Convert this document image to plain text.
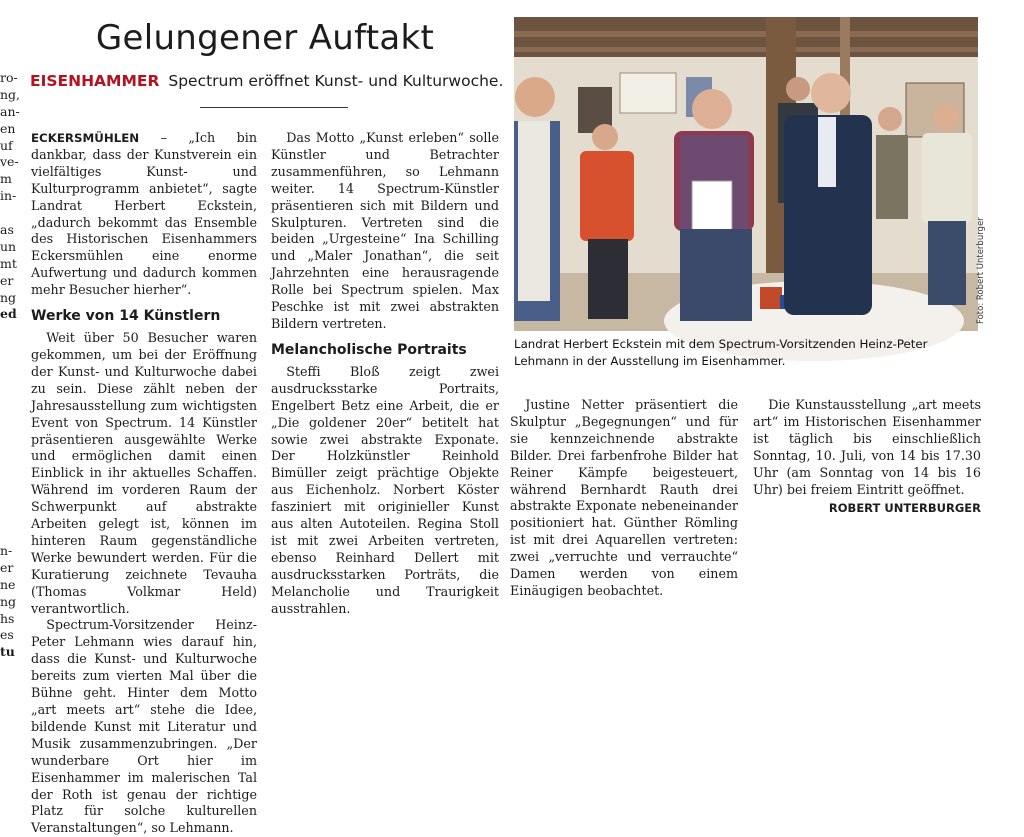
ro-
ng,
an-
en
uf
ve-
m
in-
as
un
mt
er
ng
ed
n-
er
ne
ng
hs
es
tu
Gelungener Auftakt
EISENHAMMER Spectrum eröffnet Kunst- und Kulturwoche.

ECKERSMÜHLEN – „Ich bin dankbar, dass der Kunstverein ein vielfältiges Kunst- und Kulturprogramm anbietet“, sagte Landrat Herbert Eckstein, „dadurch bekommt das Ensemble des Historischen Eisenhammers Eckersmühlen eine enorme Aufwertung und dadurch kommen mehr Besucher hierher“.

Werke von 14 Künstlern

Weit über 50 Besucher waren gekommen, um bei der Eröffnung der Kunst- und Kulturwoche dabei zu sein. Diese zählt neben der Jahresausstellung zum wichtigsten Event von Spectrum. 14 Künstler präsentieren ausgewählte Werke und ermöglichen damit einen Einblick in ihr aktuelles Schaffen. Während im vorderen Raum der Schwerpunkt auf abstrakte Arbeiten gelegt ist, können im hinteren Raum gegenständliche Werke bewundert werden. Für die Kuratierung zeichnete Tevauha (Thomas Volkmar Held) verantwortlich.

Spectrum-Vorsitzender Heinz-Peter Lehmann wies darauf hin, dass die Kunst- und Kulturwoche bereits zum vierten Mal über die Bühne geht. Hinter dem Motto „art meets art“ stehe die Idee, bildende Kunst mit Literatur und Musik zusammenzubringen. „Der wunderbare Ort hier im Eisenhammer im malerischen Tal der Roth ist genau der richtige Platz für solche kulturellen Veranstaltungen“, so Lehmann.

Das Motto „Kunst erleben“ solle Künstler und Betrachter zusammenführen, so Lehmann weiter. 14 Spectrum-Künstler präsentieren sich mit Bildern und Skulpturen. Vertreten sind die beiden „Urgesteine“ Ina Schilling und „Maler Jonathan“, die seit Jahrzehnten eine herausragende Rolle bei Spectrum spielen. Max Peschke ist mit zwei abstrakten Bildern vertreten.

Melancholische Portraits

Steffi Bloß zeigt zwei ausdrucksstarke Portraits, Engelbert Betz eine Arbeit, die er „Die goldener 20er“ betitelt hat sowie zwei abstrakte Exponate. Der Holzkünstler Reinhold Bimüller zeigt prächtige Objekte aus Eichenholz. Norbert Köster fasziniert mit originieller Kunst aus alten Autoteilen. Regina Stoll ist mit zwei Arbeiten vertreten, ebenso Reinhard Dellert mit ausdrucksstarken Porträts, die Melancholie und Traurigkeit ausstrahlen.

Justine Netter präsentiert die Skulptur „Begegnungen“ und für sie kennzeichnende abstrakte Bilder. Drei farbenfrohe Bilder hat Reiner Kämpfe beigesteuert, während Bernhardt Rauth drei abstrakte Exponate nebeneinander positioniert hat. Günther Römling ist mit drei Aquarellen vertreten: zwei „verruchte und verrauchte“ Damen werden von einem Einäugigen beobachtet.

Die Kunstausstellung „art meets art“ im Historischen Eisenhammer ist täglich bis einschließlich Sonntag, 10. Juli, von 14 bis 17.30 Uhr (am Sonntag von 14 bis 16 Uhr) bei freiem Eintritt geöffnet.

ROBERT UNTERBURGER
Foto: Robert Unterburger
Landrat Herbert Eckstein mit dem Spectrum-Vorsitzenden Heinz-Peter Lehmann in der Ausstellung im Eisenhammer.
